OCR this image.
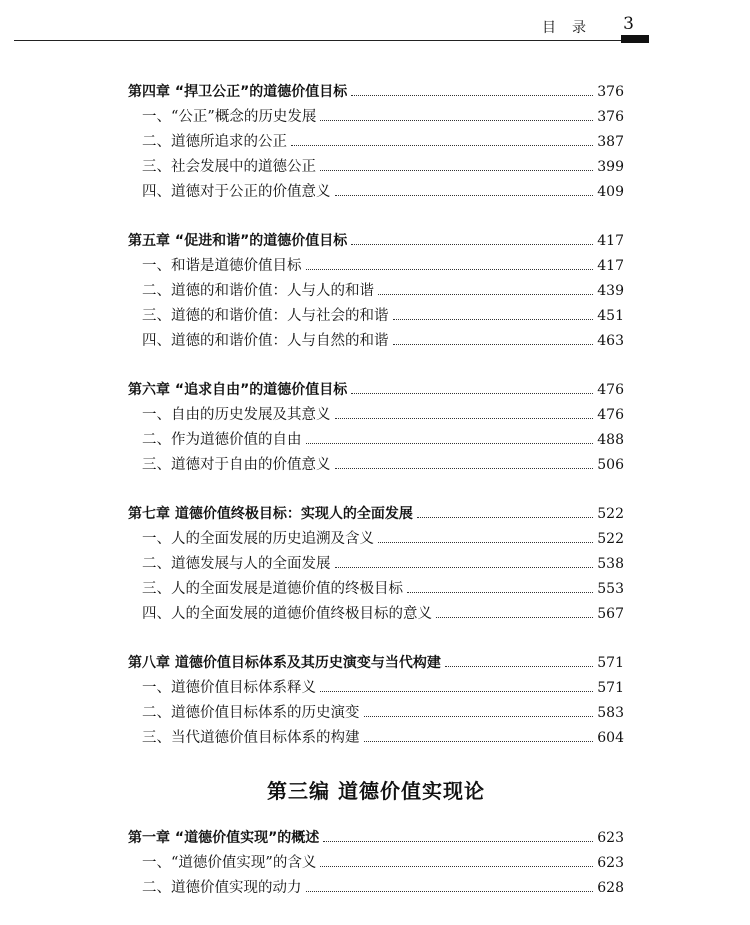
目录 3
第四章 “捍卫公正”的道德价值目标	376
一、“公正”概念的历史发展	376
二、道德所追求的公正	387
三、社会发展中的道德公正	399
四、道德对于公正的价值意义	409
第五章 “促进和谐”的道德价值目标	417
一、和谐是道德价值目标	417
二、道德的和谐价值：人与人的和谐	439
三、道德的和谐价值：人与社会的和谐	451
四、道德的和谐价值：人与自然的和谐	463
第六章 “追求自由”的道德价值目标	476
一、自由的历史发展及其意义	476
二、作为道德价值的自由	488
三、道德对于自由的价值意义	506
第七章 道德价值终极目标：实现人的全面发展	522
一、人的全面发展的历史追溯及含义	522
二、道德发展与人的全面发展	538
三、人的全面发展是道德价值的终极目标	553
四、人的全面发展的道德价值终极目标的意义	567
第八章 道德价值目标体系及其历史演变与当代构建	571
一、道德价值目标体系释义	571
二、道德价值目标体系的历史演变	583
三、当代道德价值目标体系的构建	604
第三编 道德价值实现论
第一章 “道德价值实现”的概述	623
一、“道德价值实现”的含义	623
二、道德价值实现的动力	628
